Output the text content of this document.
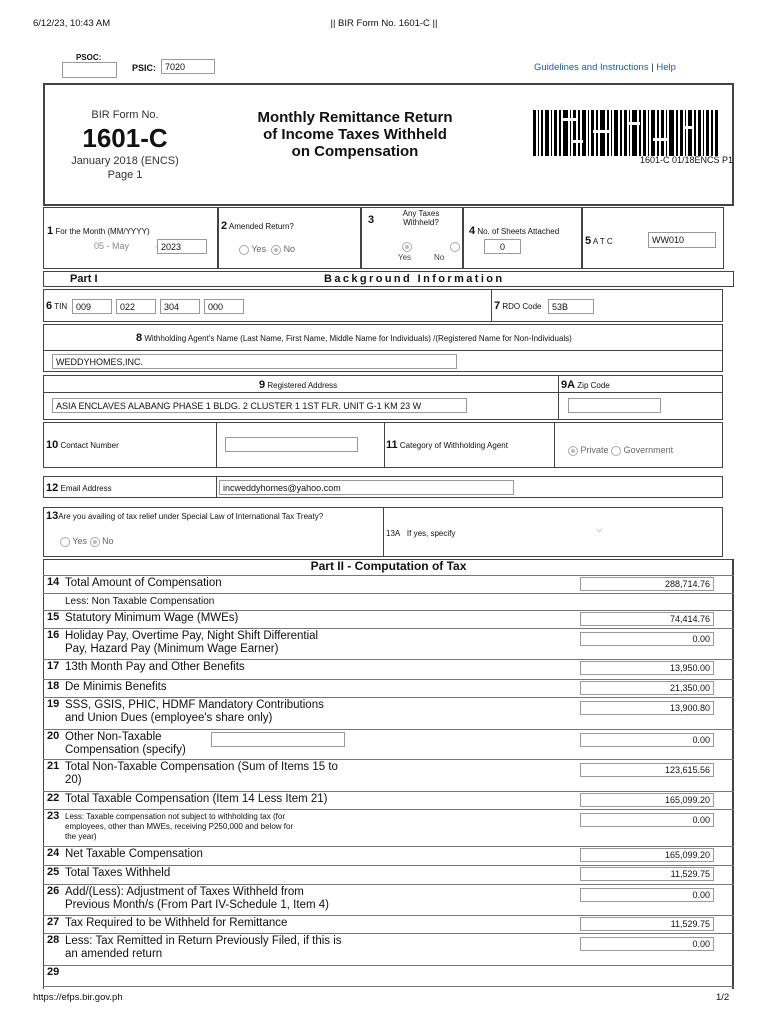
6/12/23, 10:43 AM	|| BIR Form No. 1601-C ||
PSOC:
PSIC: 7020	Guidelines and Instructions | Help
BIR Form No.
1601-C
January 2018 (ENCS)
Page 1
Monthly Remittance Return
of Income Taxes Withheld
on Compensation	1601-C 01/18ENCS P1
1 For the Month (MM/YYYY)
05 - May	2023
2 Amended Return?
Yes No
3
Any Taxes Withheld?

Yes	No
4 No. of Sheets Attached
0	5 A T C	WW010
Part I	Background Information
6 TIN 009	022	304	000	7 RDO Code	53B
8 Withholding Agent's Name (Last Name, First Name, Middle Name for Individuals) /(Registered Name for Non-Individuals)
WEDDYHOMES,INC.
9 Registered Address
ASIA ENCLAVES ALABANG PHASE 1 BLDG. 2 CLUSTER 1 1ST FLR. UNIT G-1 KM 23 W
9A Zip Code
10 Contact Number	11 Category of Withholding Agent	Private Government
12 Email Address	incweddyhomes@yahoo.com
13Are you availing of tax relief under Special Law of International Tax Treaty?
Yes No
13A If yes, specify	⌵
Part II - Computation of Tax
14 Total Amount of Compensation	288,714.76
Less: Non Taxable Compensation
15 Statutory Minimum Wage (MWEs)	74,414.76
16 Holiday Pay, Overtime Pay, Night Shift Differential
Pay, Hazard Pay (Minimum Wage Earner)
0.00
17 13th Month Pay and Other Benefits	13,950.00
18 De Minimis Benefits	21,350.00
19 SSS, GSIS, PHIC, HDMF Mandatory Contributions
and Union Dues (employee's share only)
13,900.80
20 Other Non-Taxable
Compensation (specify)
0.00
21 Total Non-Taxable Compensation (Sum of Items 15 to
20)
123,615.56
22 Total Taxable Compensation (Item 14 Less Item 21)	165,099.20
23 Less: Taxable compensation not subject to withholding tax (for
employees, other than MWEs, receiving P250,000 and below for
the year)
0.00
24 Net Taxable Compensation	165,099.20
25 Total Taxes Withheld	11,529.75
26 Add/(Less): Adjustment of Taxes Withheld from
Previous Month/s (From Part IV-Schedule 1, Item 4)
0.00
27 Tax Required to be Withheld for Remittance	11,529.75
28 Less: Tax Remitted in Return Previously Filed, if this is
an amended return
0.00
29
https://efps.bir.gov.ph	1/2
